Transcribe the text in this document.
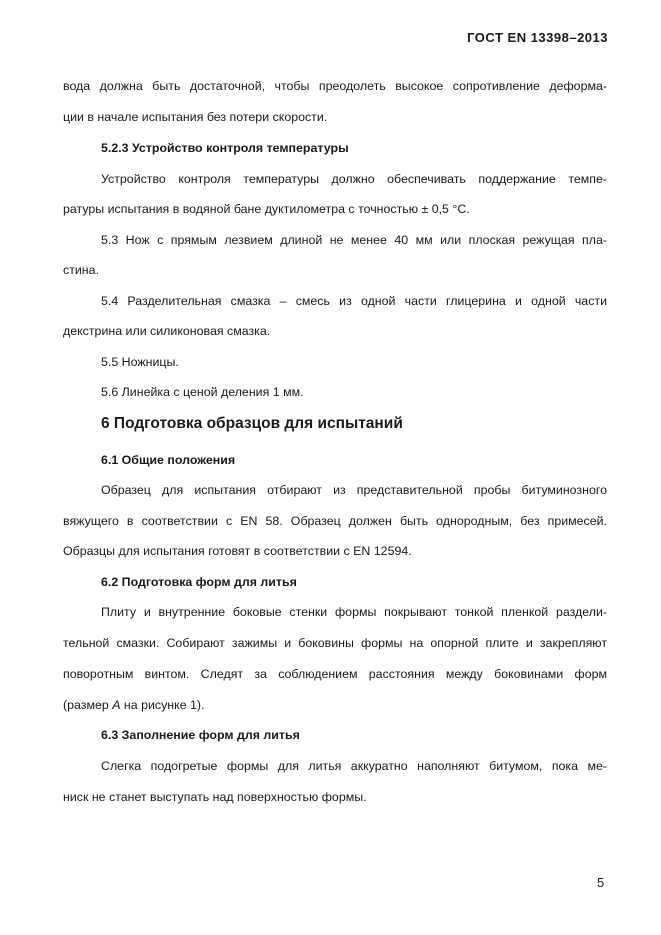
ГОСТ EN 13398–2013
вода должна быть достаточной, чтобы преодолеть высокое сопротивление деформа-
ции в начале испытания без потери скорости.
5.2.3 Устройство контроля температуры
Устройство контроля температуры должно обеспечивать поддержание темпе-
ратуры испытания в водяной бане дуктилометра с точностью ± 0,5 °С.
5.3 Нож с прямым лезвием длиной не менее 40 мм или плоская режущая пла-
стина.
5.4 Разделительная смазка – смесь из одной части глицерина и одной части
декстрина или силиконовая смазка.
5.5 Ножницы.
5.6 Линейка с ценой деления 1 мм.
6 Подготовка образцов для испытаний
6.1 Общие положения
Образец для испытания отбирают из представительной пробы битуминозного
вяжущего в соответствии с EN 58. Образец должен быть однородным, без примесей.
Образцы для испытания готовят в соответствии с EN 12594.
6.2 Подготовка форм для литья
Плиту и внутренние боковые стенки формы покрывают тонкой пленкой раздели-
тельной смазки. Собирают зажимы и боковины формы на опорной плите и закрепляют
поворотным винтом. Следят за соблюдением расстояния между боковинами форм
(размер А на рисунке 1).
6.3 Заполнение форм для литья
Слегка подогретые формы для литья аккуратно наполняют битумом, пока ме-
ниск не станет выступать над поверхностью формы.
5
